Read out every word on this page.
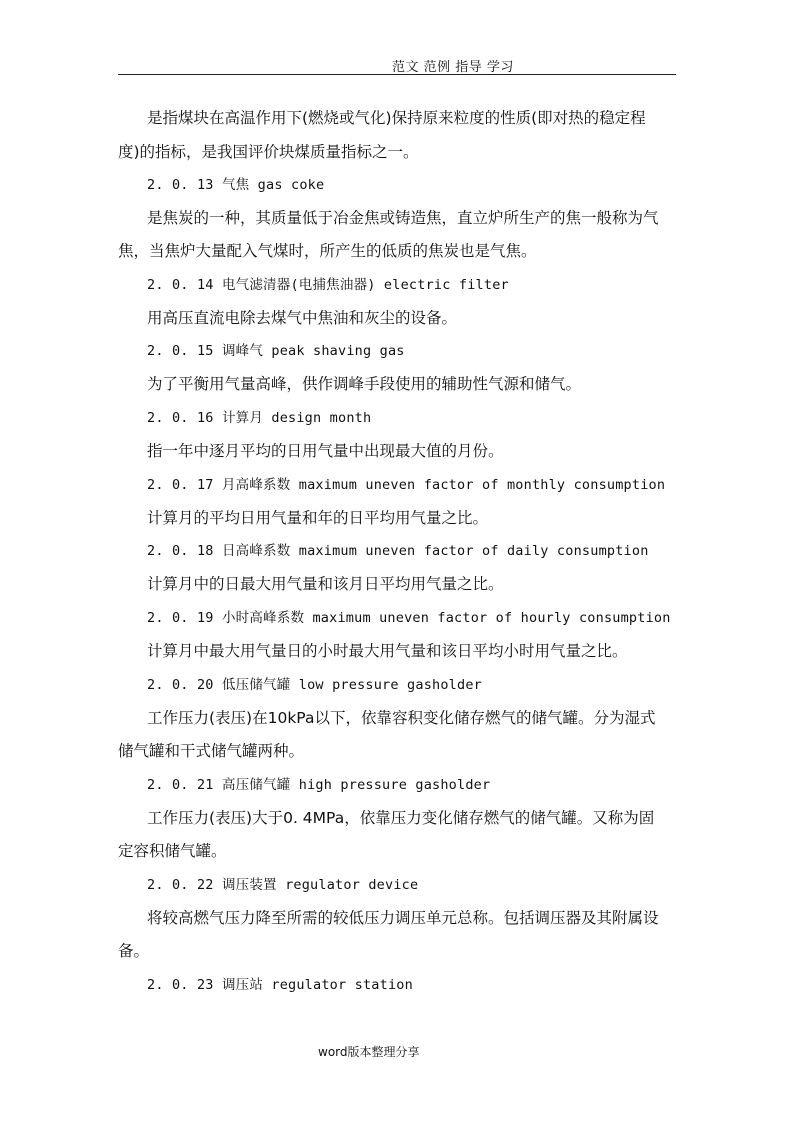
范文 范例 指导 学习
是指煤块在高温作用下(燃烧或气化)保持原来粒度的性质(即对热的稳定程
度)的指标，是我国评价块煤质量指标之一。
2. 0. 13 气焦 gas coke
是焦炭的一种，其质量低于冶金焦或铸造焦，直立炉所生产的焦一般称为气
焦，当焦炉大量配入气煤时，所产生的低质的焦炭也是气焦。
2. 0. 14 电气滤清器(电捕焦油器) electric filter
用高压直流电除去煤气中焦油和灰尘的设备。
2. 0. 15 调峰气 peak shaving gas
为了平衡用气量高峰，供作调峰手段使用的辅助性气源和储气。
2. 0. 16 计算月 design month
指一年中逐月平均的日用气量中出现最大值的月份。
2. 0. 17 月高峰系数 maximum uneven factor of monthly consumption
计算月的平均日用气量和年的日平均用气量之比。
2. 0. 18 日高峰系数 maximum uneven factor of daily consumption
计算月中的日最大用气量和该月日平均用气量之比。
2. 0. 19 小时高峰系数 maximum uneven factor of hourly consumption
计算月中最大用气量日的小时最大用气量和该日平均小时用气量之比。
2. 0. 20 低压储气罐 low pressure gasholder
工作压力(表压)在10kPa以下，依靠容积变化储存燃气的储气罐。分为湿式
储气罐和干式储气罐两种。
2. 0. 21 高压储气罐 high pressure gasholder
工作压力(表压)大于0. 4MPa，依靠压力变化储存燃气的储气罐。又称为固
定容积储气罐。
2. 0. 22 调压装置 regulator device
将较高燃气压力降至所需的较低压力调压单元总称。包括调压器及其附属设
备。
2. 0. 23 调压站 regulator station
word版本整理分享
